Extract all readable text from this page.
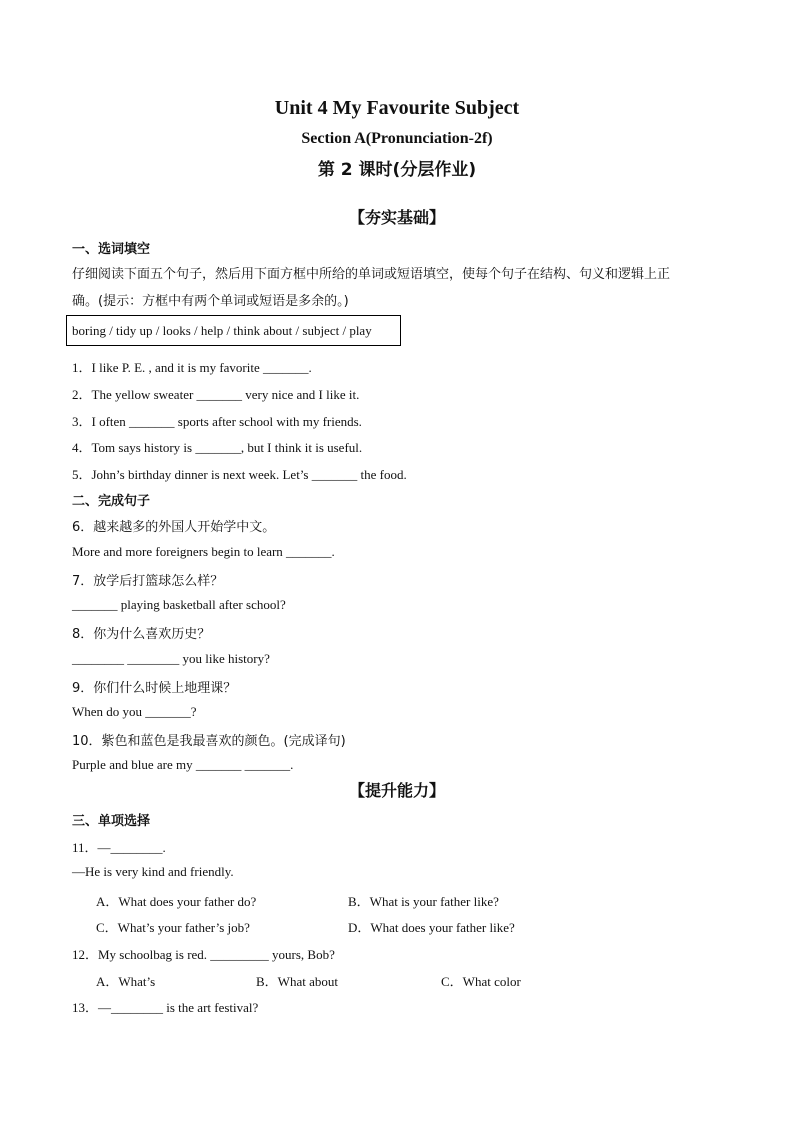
Unit 4 My Favourite Subject
Section A(Pronunciation-2f)
第 2 课时(分层作业)
【夯实基础】
一、选词填空
仔细阅读下面五个句子，然后用下面方框中所给的单词或短语填空，使每个句子在结构、句义和逻辑上正
确。(提示：方框中有两个单词或短语是多余的。)
boring / tidy up / looks / help / think about / subject / play
1．I like P. E. , and it is my favorite _______.
2．The yellow sweater _______ very nice and I like it.
3．I often _______ sports after school with my friends.
4．Tom says history is _______, but I think it is useful.
5．John’s birthday dinner is next week. Let’s _______ the food.
二、完成句子
6．越来越多的外国人开始学中文。
More and more foreigners begin to learn _______.
7．放学后打篮球怎么样？
_______ playing basketball after school?
8．你为什么喜欢历史？
________ ________ you like history?
9．你们什么时候上地理课？
When do you _______?
10．紫色和蓝色是我最喜欢的颜色。(完成译句)
Purple and blue are my _______ _______.
【提升能力】
三、单项选择
11．—________.
—He is very kind and friendly.
A．What does your father do?	B．What is your father like?
C．What’s your father’s job?	D．What does your father like?
12．My schoolbag is red. _________ yours, Bob?
A．What’s	B．What about	C．What color
13．—________ is the art festival?
